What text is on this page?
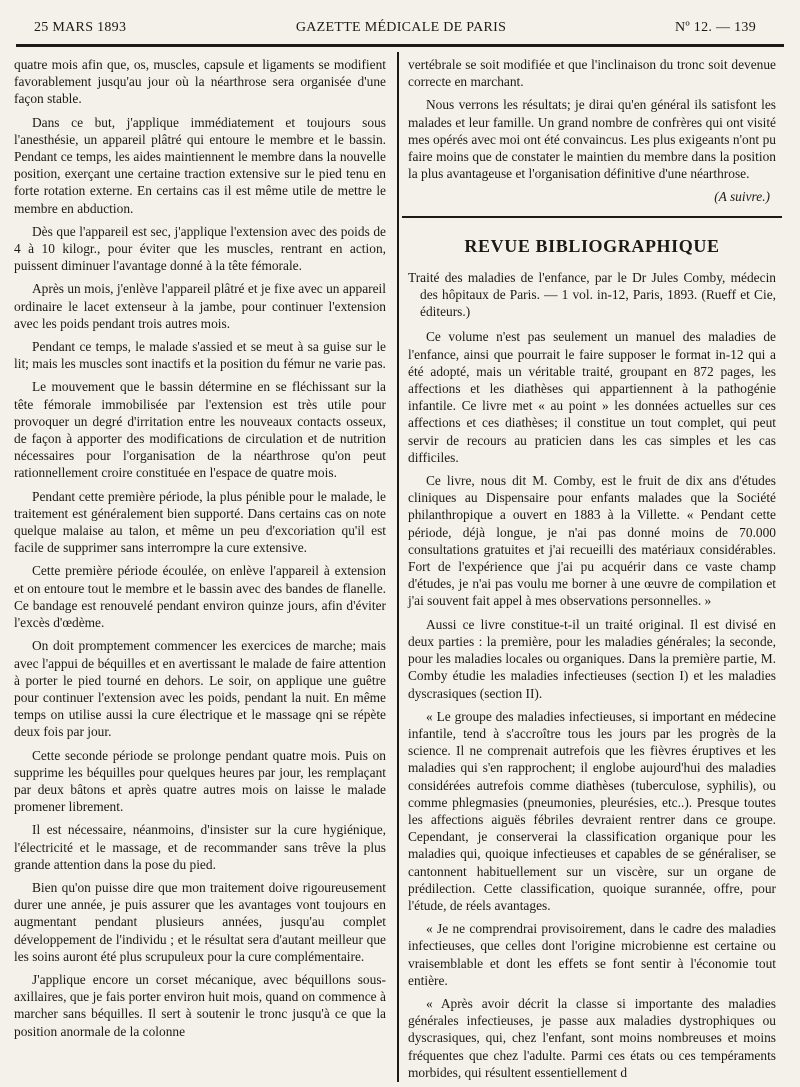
25 MARS 1893	GAZETTE MÉDICALE DE PARIS	Nº 12. — 139

quatre mois afin que, os, muscles, capsule et ligaments se modifient favorablement jusqu'au jour où la néarthrose sera organisée d'une façon stable.

Dans ce but, j'applique immédiatement et toujours sous l'anesthésie, un appareil plâtré qui entoure le membre et le bassin. Pendant ce temps, les aides maintiennent le membre dans la nouvelle position, exerçant une certaine traction extensive sur le pied tenu en forte rotation externe. En certains cas il est même utile de mettre le membre en abduction.

Dès que l'appareil est sec, j'applique l'extension avec des poids de 4 à 10 kilogr., pour éviter que les muscles, rentrant en action, puissent diminuer l'avantage donné à la tête fémorale.

Après un mois, j'enlève l'appareil plâtré et je fixe avec un appareil ordinaire le lacet extenseur à la jambe, pour continuer l'extension avec les poids pendant trois autres mois.

Pendant ce temps, le malade s'assied et se meut à sa guise sur le lit; mais les muscles sont inactifs et la position du fémur ne varie pas.

Le mouvement que le bassin détermine en se fléchissant sur la tête fémorale immobilisée par l'extension est très utile pour provoquer un degré d'irritation entre les nouveaux contacts osseux, de façon à apporter des modifications de circulation et de nutrition nécessaires pour l'organisation de la néarthrose qu'on peut rationnellement croire constituée en l'espace de quatre mois.

Pendant cette première période, la plus pénible pour le malade, le traitement est généralement bien supporté. Dans certains cas on note quelque malaise au talon, et même un peu d'excoriation qu'il est facile de supprimer sans interrompre la cure extensive.

Cette première période écoulée, on enlève l'appareil à extension et on entoure tout le membre et le bassin avec des bandes de flanelle. Ce bandage est renouvelé pendant environ quinze jours, afin d'éviter l'excès d'œdème.

On doit promptement commencer les exercices de marche; mais avec l'appui de béquilles et en avertissant le malade de faire attention à porter le pied tourné en dehors. Le soir, on applique une guêtre pour continuer l'extension avec les poids, pendant la nuit. En même temps on utilise aussi la cure électrique et le massage qni se répète deux fois par jour.

Cette seconde période se prolonge pendant quatre mois. Puis on supprime les béquilles pour quelques heures par jour, les remplaçant par deux bâtons et après quatre autres mois on laisse le malade promener librement.

Il est nécessaire, néanmoins, d'insister sur la cure hygiénique, l'électricité et le massage, et de recommander sans trêve la plus grande attention dans la pose du pied.

Bien qu'on puisse dire que mon traitement doive rigoureusement durer une année, je puis assurer que les avantages vont toujours en augmentant pendant plusieurs années, jusqu'au complet développement de l'individu ; et le résultat sera d'autant meilleur que les soins auront été plus scrupuleux pour la cure complémentaire.

J'applique encore un corset mécanique, avec béquillons sous-axillaires, que je fais porter environ huit mois, quand on commence à marcher sans béquilles. Il sert à soutenir le tronc jusqu'à ce que la position anormale de la colonne

vertébrale se soit modifiée et que l'inclinaison du tronc soit devenue correcte en marchant.

Nous verrons les résultats; je dirai qu'en général ils satisfont les malades et leur famille. Un grand nombre de confrères qui ont visité mes opérés avec moi ont été convaincus. Les plus exigeants n'ont pu faire moins que de constater le maintien du membre dans la position la plus avantageuse et l'organisation définitive d'une néarthrose.

(A suivre.)
REVUE BIBLIOGRAPHIQUE
Traité des maladies de l'enfance, par le Dr Jules Comby, médecin des hôpitaux de Paris. — 1 vol. in-12, Paris, 1893. (Rueff et Cie, éditeurs.)

Ce volume n'est pas seulement un manuel des maladies de l'enfance, ainsi que pourrait le faire supposer le format in-12 qui a été adopté, mais un véritable traité, groupant en 872 pages, les affections et les diathèses qui appartiennent à la pathogénie infantile. Ce livre met « au point » les données actuelles sur ces affections et ces diathèses; il constitue un tout complet, qui peut servir de recours au praticien dans les cas simples et les cas difficiles.

Ce livre, nous dit M. Comby, est le fruit de dix ans d'études cliniques au Dispensaire pour enfants malades que la Société philanthropique a ouvert en 1883 à la Villette. « Pendant cette période, déjà longue, je n'ai pas donné moins de 70.000 consultations gratuites et j'ai recueilli des matériaux considérables. Fort de l'expérience que j'ai pu acquérir dans ce vaste champ d'études, je n'ai pas voulu me borner à une œuvre de compilation et j'ai souvent fait appel à mes observations personnelles. »

Aussi ce livre constitue-t-il un traité original. Il est divisé en deux parties : la première, pour les maladies générales; la seconde, pour les maladies locales ou organiques. Dans la première partie, M. Comby étudie les maladies infectieuses (section I) et les maladies dyscrasiques (section II).

« Le groupe des maladies infectieuses, si important en médecine infantile, tend à s'accroître tous les jours par les progrès de la science. Il ne comprenait autrefois que les fièvres éruptives et les maladies qui s'en rapprochent; il englobe aujourd'hui des maladies considérées autrefois comme diathèses (tuberculose, syphilis), ou comme phlegmasies (pneumonies, pleurésies, etc..). Presque toutes les affections aiguës fébriles devraient rentrer dans ce groupe. Cependant, je conserverai la classification organique pour les maladies qui, quoique infectieuses et capables de se généraliser, se cantonnent habituellement sur un viscère, sur un organe de prédilection. Cette classification, quoique surannée, offre, pour l'étude, de réels avantages.

« Je ne comprendrai provisoirement, dans le cadre des maladies infectieuses, que celles dont l'origine microbienne est certaine ou vraisemblable et dont les effets se font sentir à l'économie tout entière.

« Après avoir décrit la classe si importante des maladies générales infectieuses, je passe aux maladies dystrophiques ou dyscrasiques, qui, chez l'enfant, sont moins nombreuses et moins fréquentes que chez l'adulte. Parmi ces états ou ces tempéraments morbides, qui résultent essentiellement d
